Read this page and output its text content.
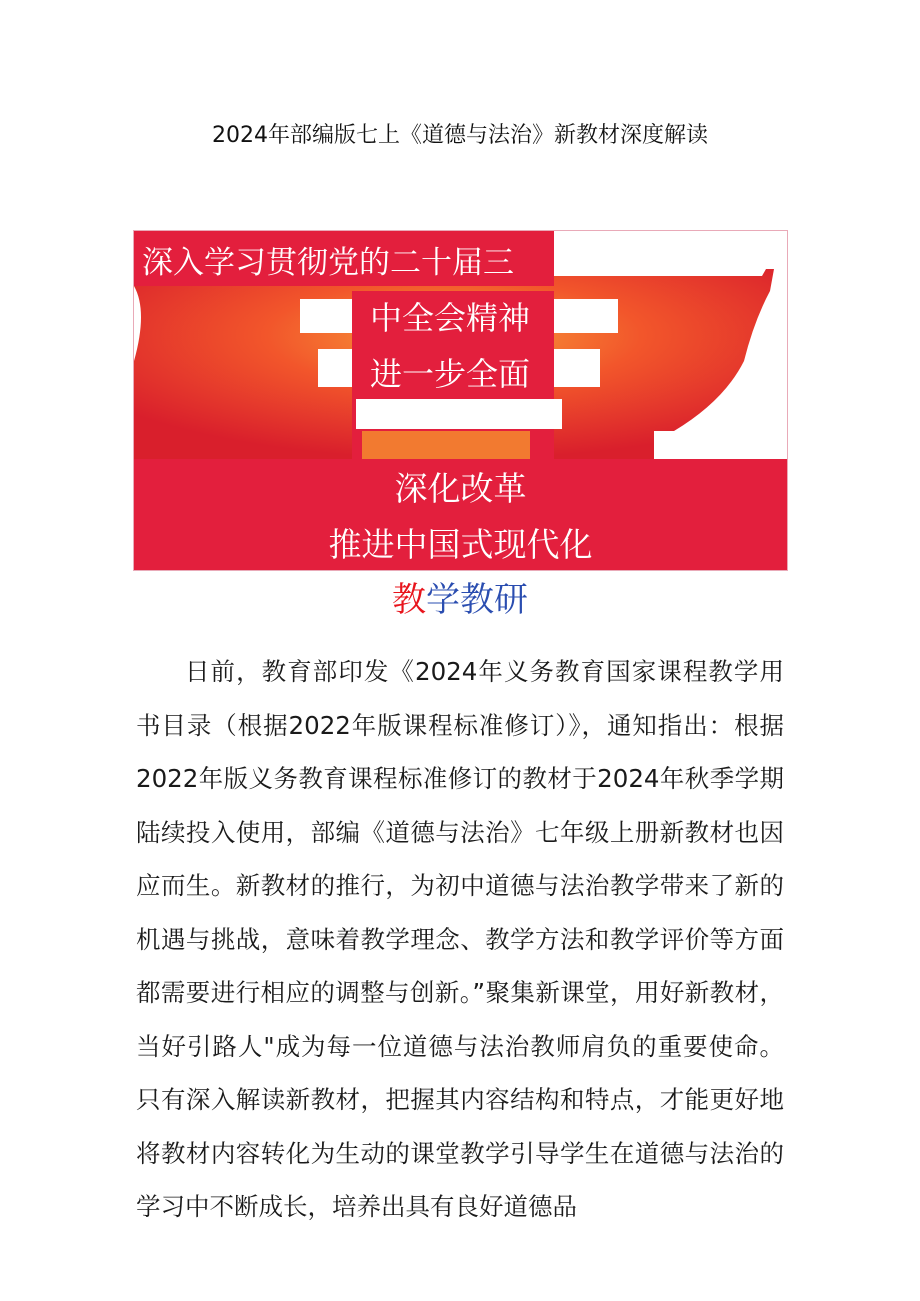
2024年部编版七上《道德与法治》新教材深度解读
深入学习贯彻党的二十届三
中全会精神
进一步全面
深化改革
推进中国式现代化
教学教研

日前，教育部印发《2024年义务教育国家课程教学用书目录（根据2022年版课程标准修订）》，通知指出：根据2022年版义务教育课程标准修订的教材于2024年秋季学期陆续投入使用，部编《道德与法治》七年级上册新教材也因应而生。新教材的推行，为初中道德与法治教学带来了新的机遇与挑战，意味着教学理念、教学方法和教学评价等方面都需要进行相应的调整与创新。”聚集新课堂，用好新教材，当好引路人"成为每一位道德与法治教师肩负的重要使命。只有深入解读新教材，把握其内容结构和特点，才能更好地将教材内容转化为生动的课堂教学引导学生在道德与法治的学习中不断成长，培养出具有良好道德品
